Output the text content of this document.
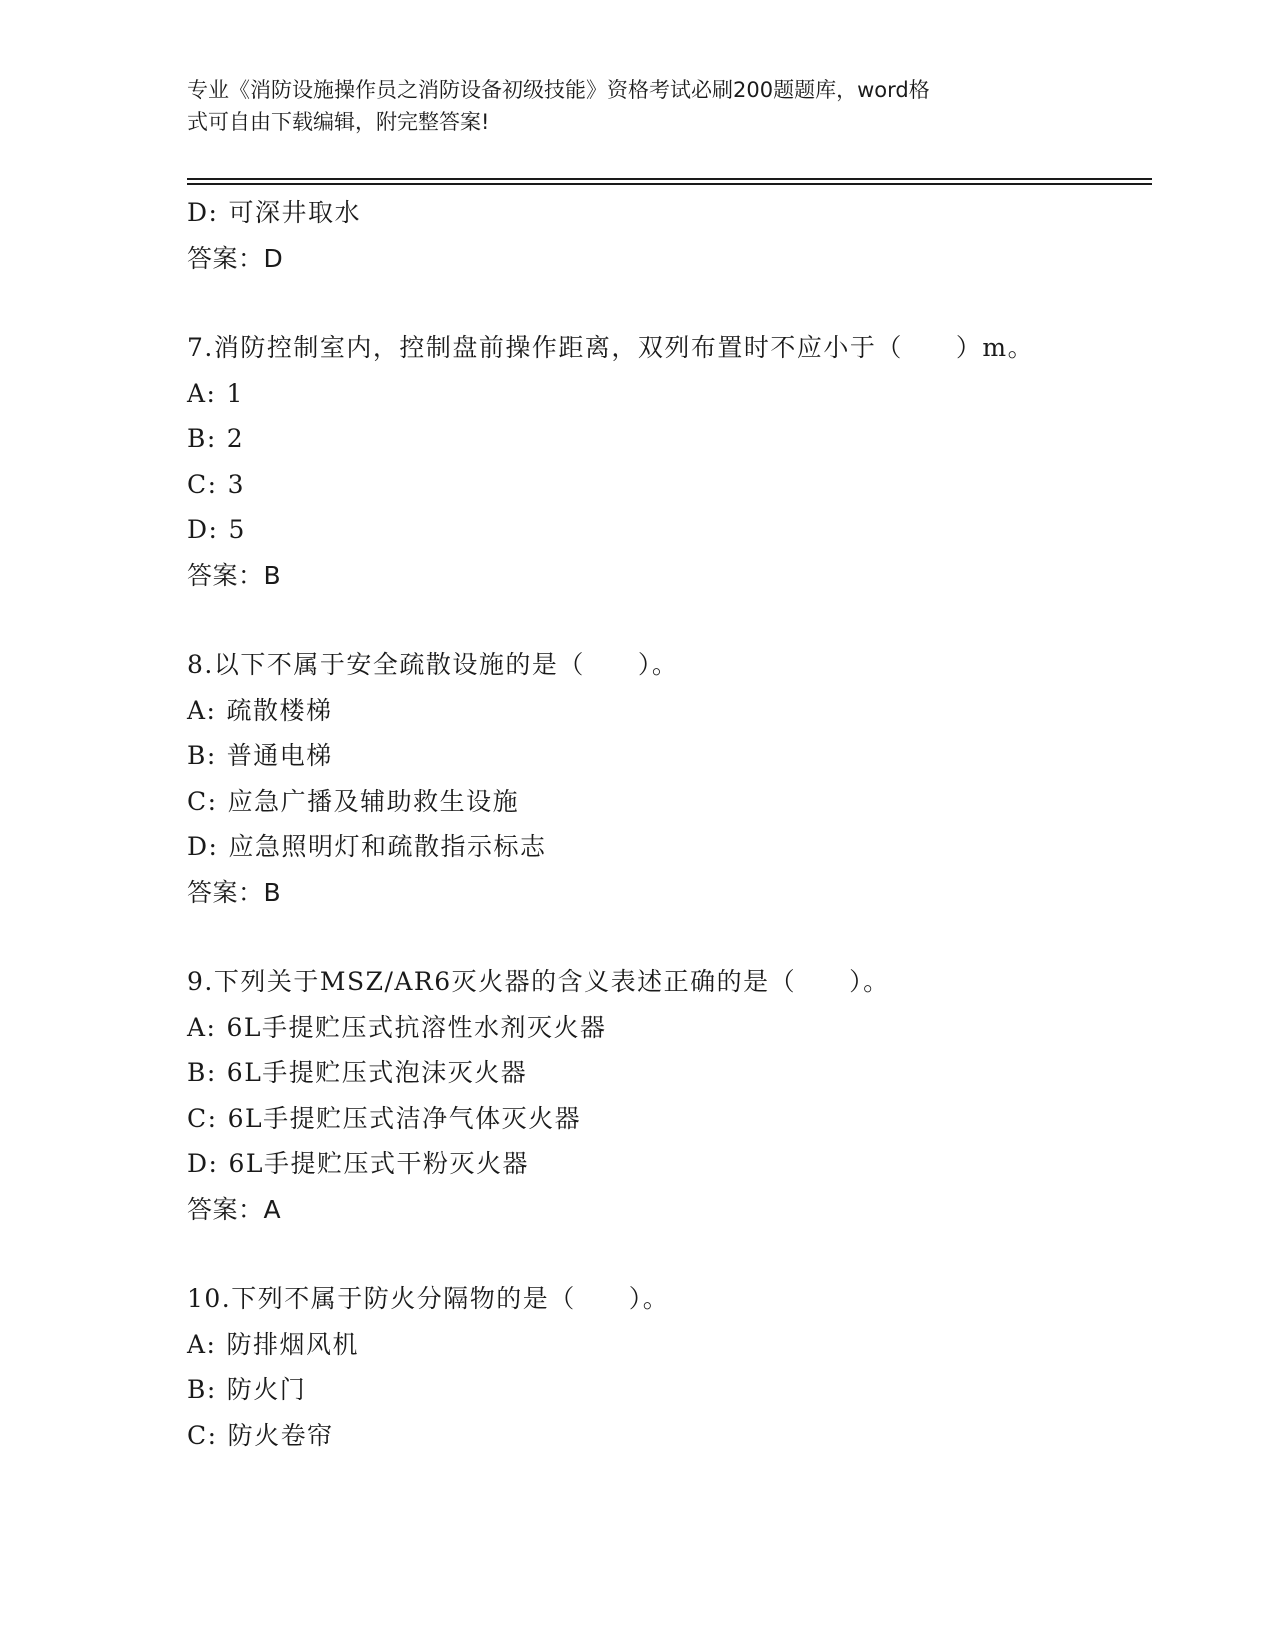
专业《消防设施操作员之消防设备初级技能》资格考试必刷200题题库，word格
式可自由下载编辑，附完整答案!
D: 可深井取水
答案：D
7.消防控制室内，控制盘前操作距离，双列布置时不应小于（　　）m。
A: 1
B: 2
C: 3
D: 5
答案：B
8.以下不属于安全疏散设施的是（　　）。
A: 疏散楼梯
B: 普通电梯
C: 应急广播及辅助救生设施
D: 应急照明灯和疏散指示标志
答案：B
9.下列关于MSZ/AR6灭火器的含义表述正确的是（　　）。
A: 6L手提贮压式抗溶性水剂灭火器
B: 6L手提贮压式泡沫灭火器
C: 6L手提贮压式洁净气体灭火器
D: 6L手提贮压式干粉灭火器
答案：A
10.下列不属于防火分隔物的是（　　）。
A: 防排烟风机
B: 防火门
C: 防火卷帘
